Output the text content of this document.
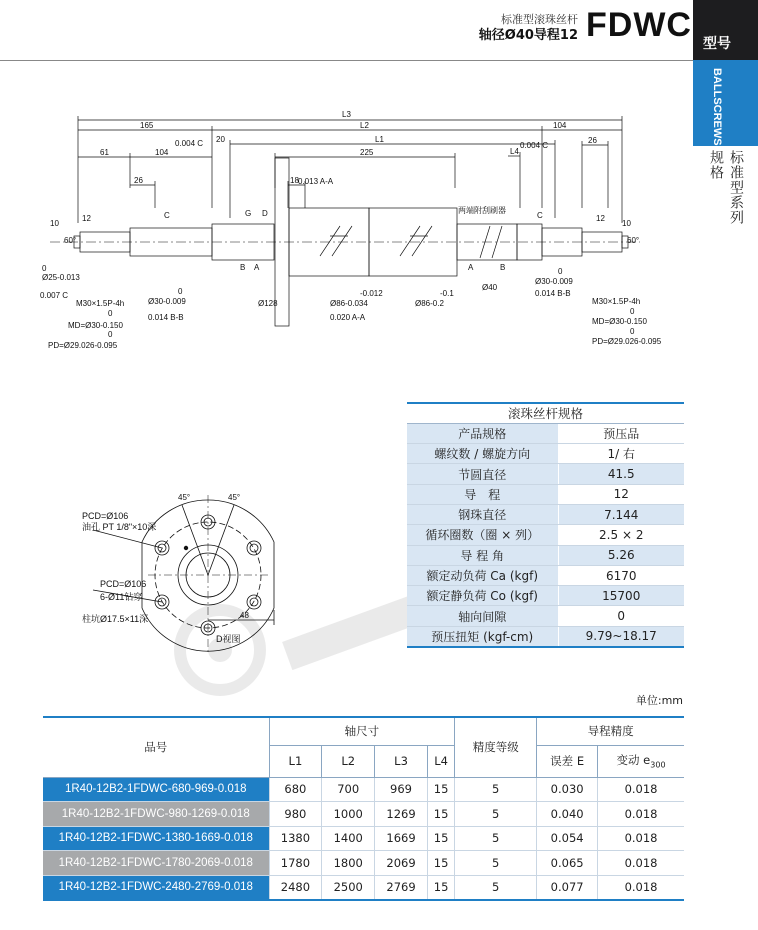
标准型滚珠丝杆
轴径Ø40导程12 FDWC 型号
BALLSCREWS
规格 标准型系列
L3
L2
L1
165	104
20
61	104	225
26	18
26
L4
10
12	12
10
60°	60°
0.004 C
0.007 C
0.013 A-A
0.004 C
两端附刮刷器
0
Ø25-0.013
M30×1.5P-4h
0
MD=Ø30-0.150
0
PD=Ø29.026-0.095
0
Ø30-0.009
0.014 B-B
Ø128
-0.012
Ø86-0.034
0.020 A-A
-0.1
Ø86-0.2
Ø40
0
Ø30-0.009
0.014 B-B
M30×1.5P-4h
0
MD=Ø30-0.150
0
PD=Ø29.026-0.095
C	C
B A	A	B
D
G
滚珠丝杆规格	
产品规格	预压品
螺纹数 / 螺旋方向	1/ 右
节圆直径	41.5
导　程	12
钢珠直径	7.144
循环圈数（圈 × 列）	2.5 × 2
导 程 角	5.26
额定动负荷 Ca (kgf)	6170
额定静负荷 Co (kgf)	15700
轴向间隙	0
预压扭矩 (kgf-cm)	9.79~18.17
PCD=Ø106
油孔 PT 1/8"×10深
PCD=Ø106
6-Ø11钻穿
柱坑Ø17.5×11深
45°	45°
48
D视图
单位:mm
品号	轴尺寸				精度等级	导程精度	
	L1	L2	L3	L4		误差 E	变动 $e_{300}$
1R40-12B2-1FDWC-680-969-0.018	680	700	969	15	5	0.030	0.018
1R40-12B2-1FDWC-980-1269-0.018	980	1000	1269	15	5	0.040	0.018
1R40-12B2-1FDWC-1380-1669-0.018	1380	1400	1669	15	5	0.054	0.018
1R40-12B2-1FDWC-1780-2069-0.018	1780	1800	2069	15	5	0.065	0.018
1R40-12B2-1FDWC-2480-2769-0.018	2480	2500	2769	15	5	0.077	0.018
